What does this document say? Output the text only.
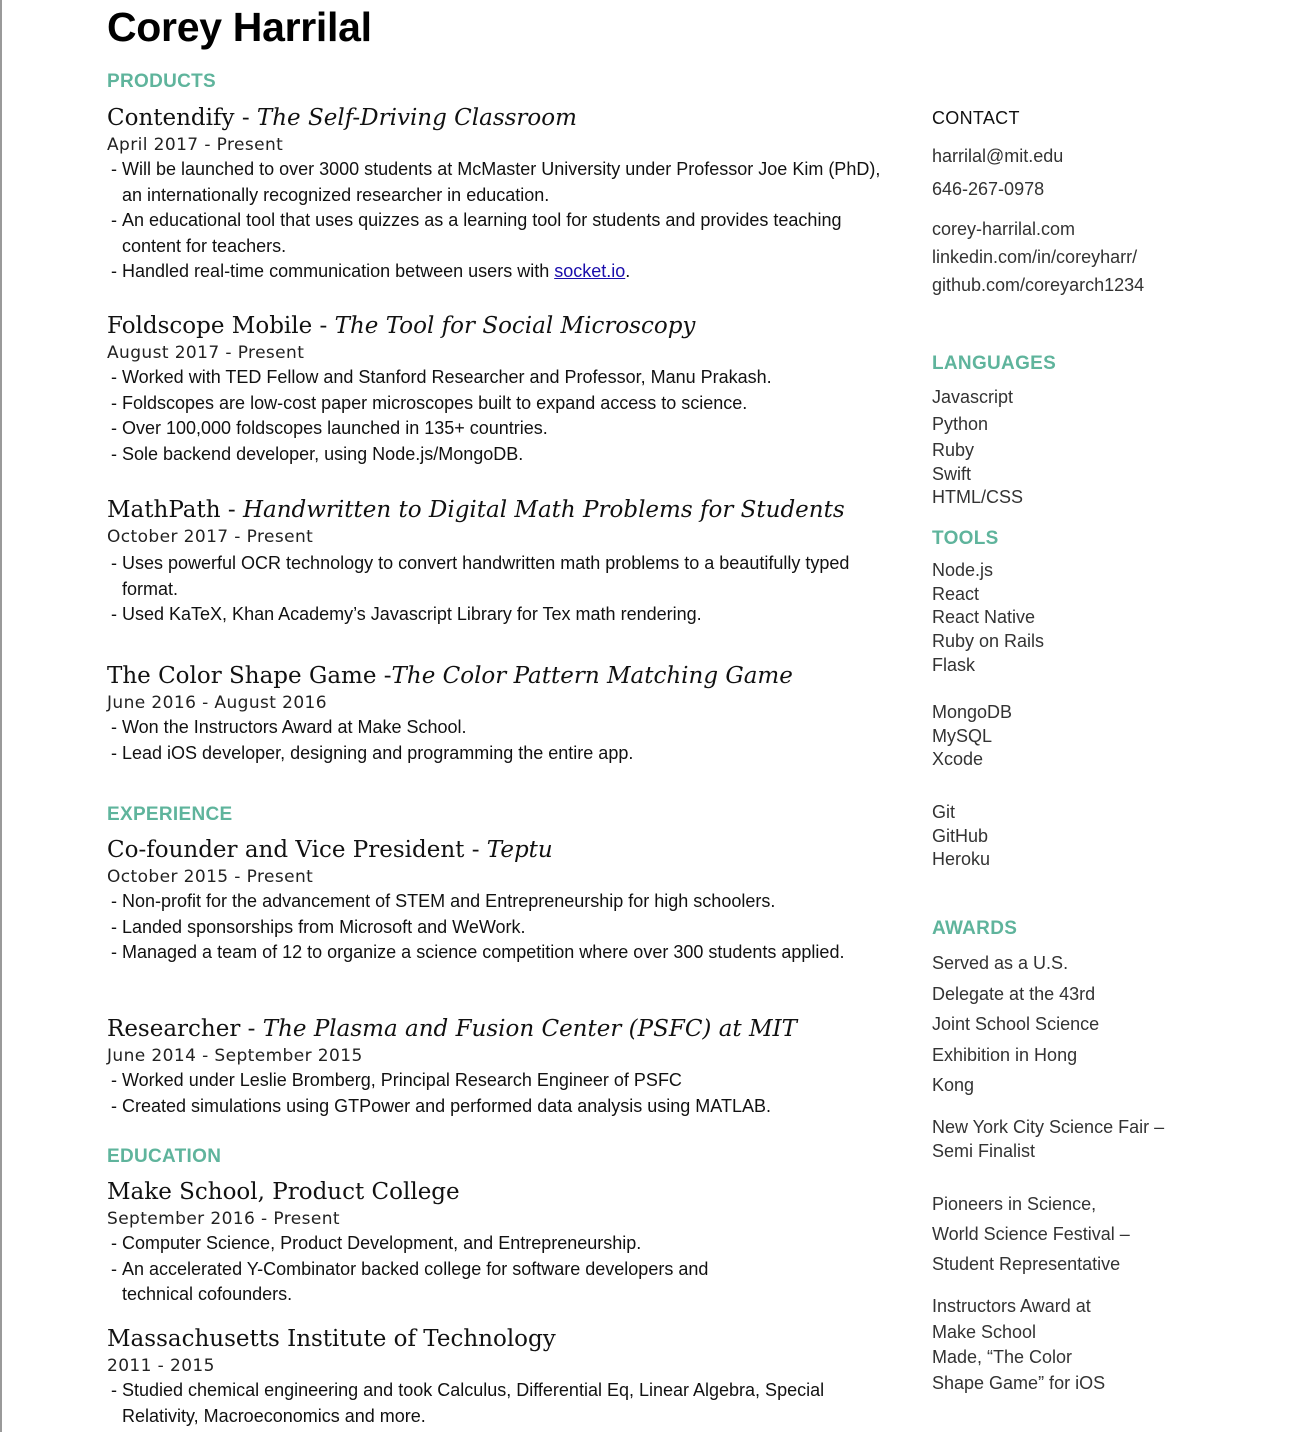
Corey Harrilal
PRODUCTS
Contendify - The Self-Driving Classroom
April 2017 - Present
- Will be launched to over 3000 students at McMaster University under Professor Joe Kim (PhD), an internationally recognized researcher in education.
- An educational tool that uses quizzes as a learning tool for students and provides teaching content for teachers.
- Handled real-time communication between users with socket.io.
Foldscope Mobile - The Tool for Social Microscopy
August 2017 - Present
- Worked with TED Fellow and Stanford Researcher and Professor, Manu Prakash.
- Foldscopes are low-cost paper microscopes built to expand access to science.
- Over 100,000 foldscopes launched in 135+ countries.
- Sole backend developer, using Node.js/MongoDB.
MathPath - Handwritten to Digital Math Problems for Students
October 2017 - Present
- Uses powerful OCR technology to convert handwritten math problems to a beautifully typed format.
- Used KaTeX, Khan Academy’s Javascript Library for Tex math rendering.
The Color Shape Game -The Color Pattern Matching Game
June 2016 - August 2016
- Won the Instructors Award at Make School.
- Lead iOS developer, designing and programming the entire app.
EXPERIENCE
Co-founder and Vice President - Teptu
October 2015 - Present
- Non-profit for the advancement of STEM and Entrepreneurship for high schoolers.
- Landed sponsorships from Microsoft and WeWork.
- Managed a team of 12 to organize a science competition where over 300 students applied.
Researcher - The Plasma and Fusion Center (PSFC) at MIT
June 2014 - September 2015
- Worked under Leslie Bromberg, Principal Research Engineer of PSFC
- Created simulations using GTPower and performed data analysis using MATLAB.
EDUCATION
Make School, Product College
September 2016 - Present
- Computer Science, Product Development, and Entrepreneurship.
- An accelerated Y-Combinator backed college for software developers and technical cofounders.
Massachusetts Institute of Technology
2011 - 2015
- Studied chemical engineering and took Calculus, Differential Eq, Linear Algebra, Special Relativity, Macroeconomics and more.
CONTACT
harrilal@mit.edu
646-267-0978
corey-harrilal.com
linkedin.com/in/coreyharr/
github.com/coreyarch1234
LANGUAGES
Javascript
Python
Ruby
Swift
HTML/CSS
TOOLS
Node.js
React
React Native
Ruby on Rails
Flask
MongoDB
MySQL
Xcode
Git
GitHub
Heroku
AWARDS
Served as a U.S.
Delegate at the 43rd
Joint School Science
Exhibition in Hong
Kong
New York City Science Fair –
Semi Finalist
Pioneers in Science,
World Science Festival –
Student Representative
Instructors Award at
Make School
Made, “The Color
Shape Game” for iOS
